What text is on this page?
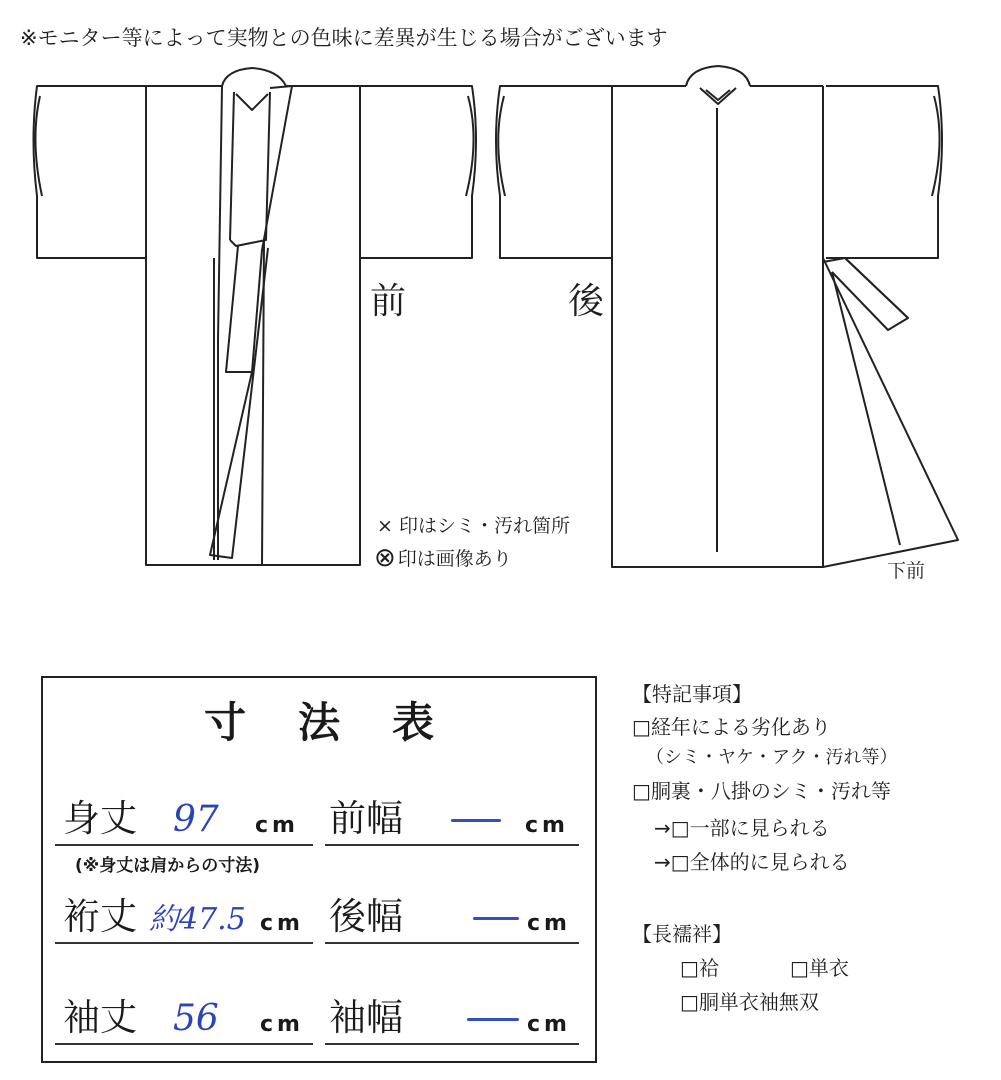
※モニター等によって実物との色味に差異が生じる場合がございます
前	後
× 印はシミ・汚れ箇所
⊗ 印は画像あり
下前
寸法表
身丈 97 cm 前幅	cm
(※身丈は肩からの寸法)
裄丈 約47.5 cm 後幅	cm
袖丈 56 cm 袖幅	cm
【特記事項】
□経年による劣化あり
（シミ・ヤケ・アク・汚れ等）
□胴裏・八掛のシミ・汚れ等
→□一部に見られる
→□全体的に見られる
【長襦袢】
□袷	□単衣
□胴単衣袖無双
